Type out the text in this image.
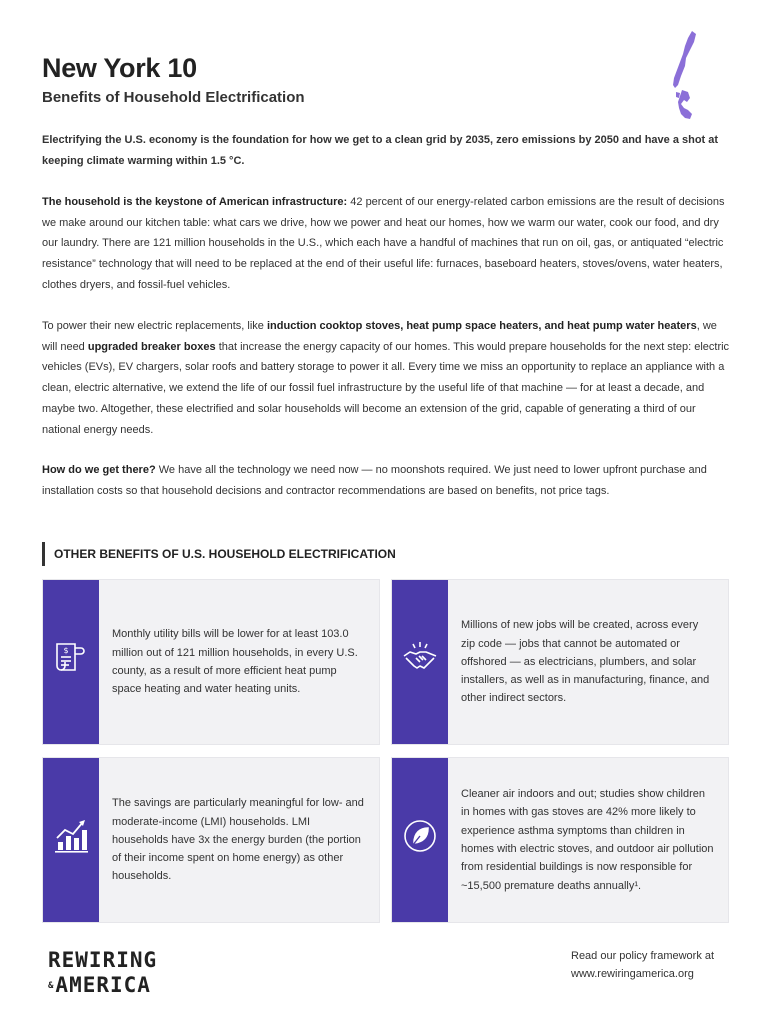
New York 10
Benefits of Household Electrification

Electrifying the U.S. economy is the foundation for how we get to a clean grid by 2035, zero emissions by 2050 and have a shot at keeping climate warming within 1.5 °C.

The household is the keystone of American infrastructure: 42 percent of our energy-related carbon emissions are the result of decisions we make around our kitchen table: what cars we drive, how we power and heat our homes, how we warm our water, cook our food, and dry our laundry. There are 121 million households in the U.S., which each have a handful of machines that run on oil, gas, or antiquated “electric resistance” technology that will need to be replaced at the end of their useful life: furnaces, baseboard heaters, stoves/ovens, water heaters, clothes dryers, and fossil-fuel vehicles.

To power their new electric replacements, like induction cooktop stoves, heat pump space heaters, and heat pump water heaters, we will need upgraded breaker boxes that increase the energy capacity of our homes. This would prepare households for the next step: electric vehicles (EVs), EV chargers, solar roofs and battery storage to power it all. Every time we miss an opportunity to replace an appliance with a clean, electric alternative, we extend the life of our fossil fuel infrastructure by the useful life of that machine — for at least a decade, and maybe two. Altogether, these electrified and solar households will become an extension of the grid, capable of generating a third of our national energy needs.

How do we get there? We have all the technology we need now — no moonshots required. We just need to lower upfront purchase and installation costs so that household decisions and contractor recommendations are based on benefits, not price tags.

OTHER BENEFITS OF U.S. HOUSEHOLD ELECTRIFICATION
$
Monthly utility bills will be lower for at least 103.0 million out of 121 million households, in every U.S. county, as a result of more efficient heat pump space heating and water heating units.
Millions of new jobs will be created, across every zip code — jobs that cannot be automated or offshored — as electricians, plumbers, and solar installers, as well as in manufacturing, finance, and other indirect sectors.
The savings are particularly meaningful for low- and moderate-income (LMI) households. LMI households have 3x the energy burden (the portion of their income spent on home energy) as other households.
Cleaner air indoors and out; studies show children in homes with gas stoves are 42% more likely to experience asthma symptoms than children in homes with electric stoves, and outdoor air pollution from residential buildings is now responsible for ~15,500 premature deaths annually¹.
REWIRING
&AMERICA
Read our policy framework at
www.rewiringamerica.org
